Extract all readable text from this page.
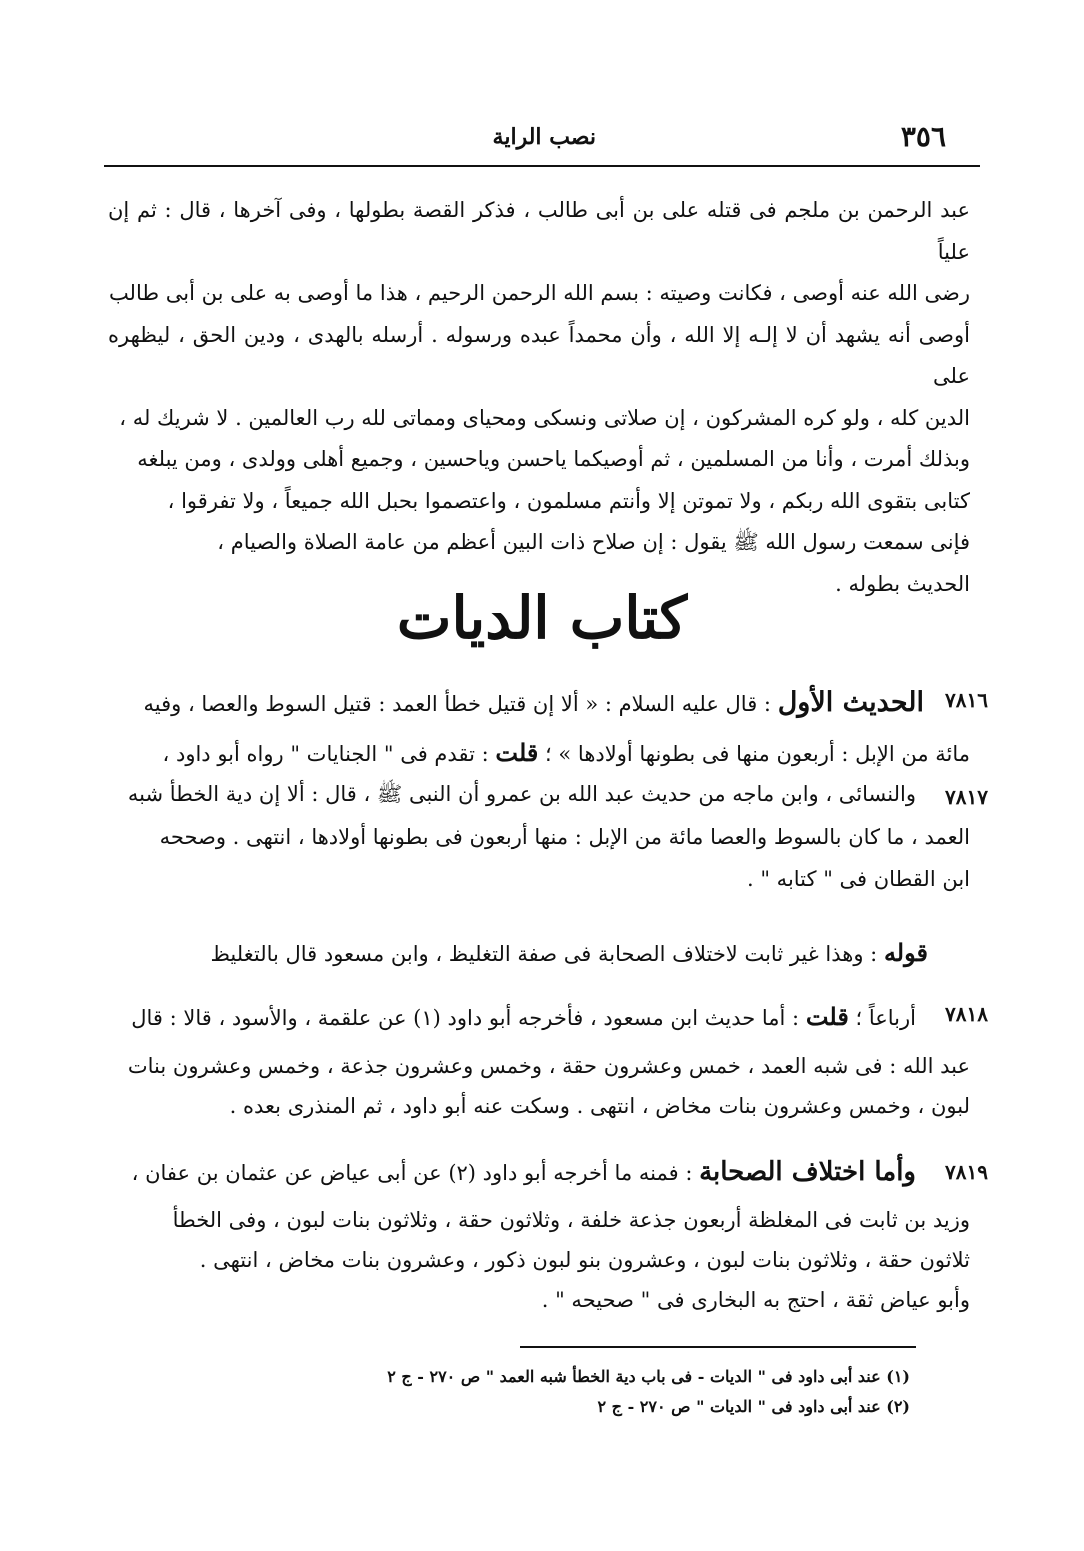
٣٥٦
نصب الراية

عبد الرحمن بن ملجم فى قتله على بن أبى طالب ، فذكر القصة بطولها ، وفى آخرها ، قال : ثم إن علياً

رضى الله عنه أوصى ، فكانت وصيته : بسم الله الرحمن الرحيم ، هذا ما أوصى به على بن أبى طالب

أوصى أنه يشهد أن لا إلـه إلا الله ، وأن محمداً عبده ورسوله . أرسله بالهدى ، ودين الحق ، ليظهره على

الدين كله ، ولو كره المشركون ، إن صلاتى ونسكى ومحياى ومماتى لله رب العالمين . لا شريك له ،

وبذلك أمرت ، وأنا من المسلمين ، ثم أوصيكما ياحسن وياحسين ، وجميع أهلى وولدى ، ومن يبلغه

كتابى بتقوى الله ربكم ، ولا تموتن إلا وأنتم مسلمون ، واعتصموا بحبل الله جميعاً ، ولا تفرقوا ،

فإنى سمعت رسول الله ﷺ يقول : إن صلاح ذات البين أعظم من عامة الصلاة والصيام ،

الحديث بطوله .

كتاب الديات
٧٨١٦
الحديث الأول : قال عليه السلام : « ألا إن قتيل خطأ العمد : قتيل السوط والعصا ، وفيه

مائة من الإبل : أربعون منها فى بطونها أولادها » ؛ قلت : تقدم فى " الجنايات " رواه أبو داود ،

٧٨١٧

والنسائى ، وابن ماجه من حديث عبد الله بن عمرو أن النبى ﷺ ، قال : ألا إن دية الخطأ شبه

العمد ، ما كان بالسوط والعصا مائة من الإبل : منها أربعون فى بطونها أولادها ، انتهى . وصححه

ابن القطان فى " كتابه " .

قوله : وهذا غير ثابت لاختلاف الصحابة فى صفة التغليظ ، وابن مسعود قال بالتغليظ
٧٨١٨

أرباعاً ؛ قلت : أما حديث ابن مسعود ، فأخرجه أبو داود (١) عن علقمة ، والأسود ، قالا : قال

عبد الله : فى شبه العمد ، خمس وعشرون حقة ، وخمس وعشرون جذعة ، وخمس وعشرون بنات

لبون ، وخمس وعشرون بنات مخاض ، انتهى . وسكت عنه أبو داود ، ثم المنذرى بعده .

٧٨١٩

وأما اختلاف الصحابة : فمنه ما أخرجه أبو داود (٢) عن أبى عياض عن عثمان بن عفان ،

وزيد بن ثابت فى المغلظة أربعون جذعة خلفة ، وثلاثون حقة ، وثلاثون بنات لبون ، وفى الخطأ

ثلاثون حقة ، وثلاثون بنات لبون ، وعشرون بنو لبون ذكور ، وعشرون بنات مخاض ، انتهى .

وأبو عياض ثقة ، احتج به البخارى فى " صحيحه " .

(١) عند أبى داود فى " الديات - فى باب دية الخطأ شبه العمد " ص ٢٧٠ - ج ٢

(٢) عند أبى داود فى " الديات " ص ٢٧٠ - ج ٢
